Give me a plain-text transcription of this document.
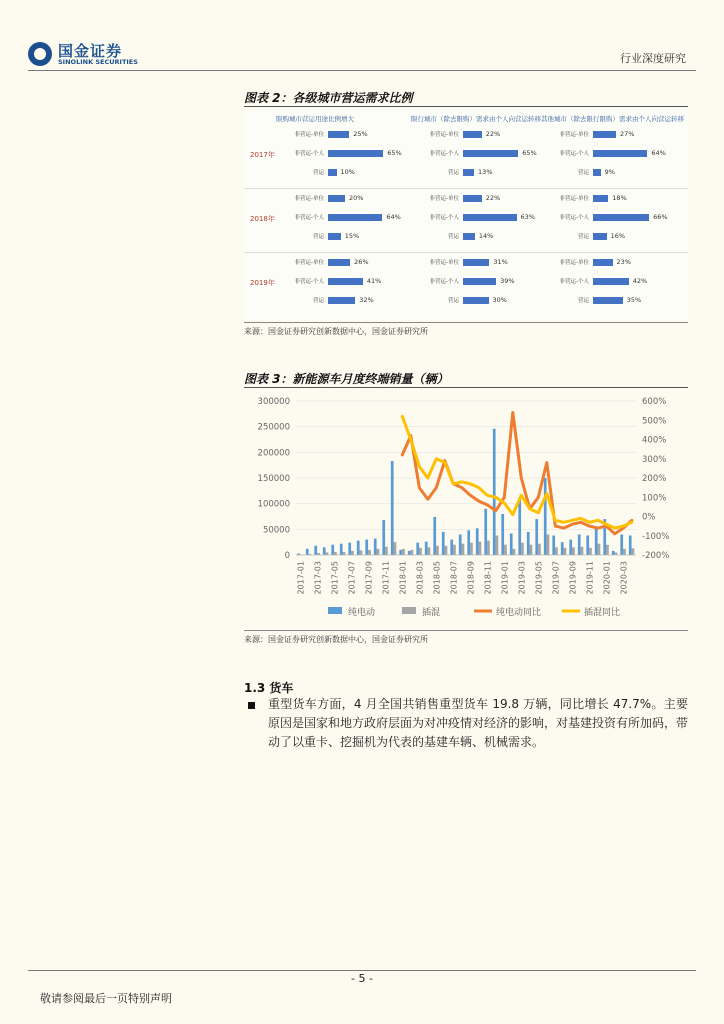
国金证券
SINOLINK SECURITIES	行业深度研究
图表 2：各级城市营运需求比例
限购城市营运用途比例增大	限行城市（除去限购）需求由个人向营运转移 其他城市（除去限行限购）需求由个人向营运转移
2017年
非营运-单位	25%
非营运-个人	65%
营运	10%
非营运-单位	22%
非营运-个人	65%
营运	13%
非营运-单位	27%
非营运-个人	64%
营运 9%
2018年
非营运-单位	20%
非营运-个人	64%
营运	15%
非营运-单位	22%
非营运-个人	63%
营运	14%
非营运-单位	18%
非营运-个人	66%
营运	16%
2019年
非营运-单位	26%
非营运-个人	41%
营运	32%
非营运-单位	31%
非营运-个人	39%
营运	30%
非营运-单位	23%
非营运-个人	42%
营运	35%
来源：国金证券研究创新数据中心，国金证券研究所
图表 3：新能源车月度终端销量（辆）
0
50000
100000
150000
200000
250000
300000
-200%
-100%
0%
100%
200%
300%
400%
500%
600%
2017-01 2017-03 2017-05 2017-07 2017-09 2017-11 2018-01 2018-03 2018-05 2018-07 2018-09 2018-11 2019-01 2019-03 2019-05 2019-07 2019-09 2019-11 2020-01 2020-03
纯电动	插混	纯电动同比	插混同比
来源：国金证券研究创新数据中心，国金证券研究所
1.3 货车
重型货车方面，4 月全国共销售重型货车 19.8 万辆，同比增长 47.7%。主要原因是国家和地方政府层面为对冲疫情对经济的影响，对基建投资有所加码，带动了以重卡、挖掘机为代表的基建车辆、机械需求。
- 5 -
敬请参阅最后一页特别声明
